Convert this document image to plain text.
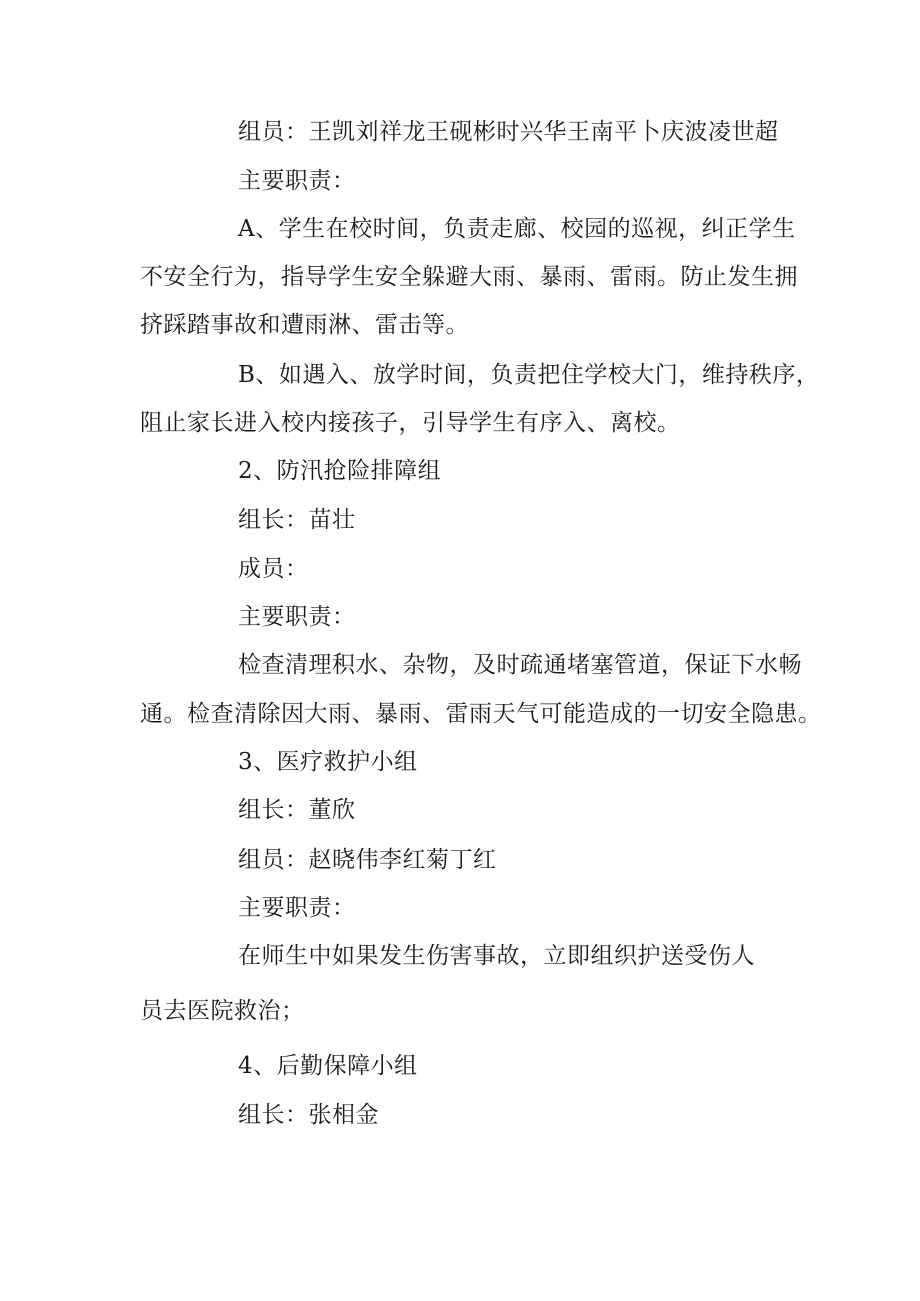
组员：王凯刘祥龙王砚彬时兴华王南平卜庆波凌世超
主要职责：
A、学生在校时间，负责走廊、校园的巡视，纠正学生
不安全行为，指导学生安全躲避大雨、暴雨、雷雨。防止发生拥
挤踩踏事故和遭雨淋、雷击等。
B、如遇入、放学时间，负责把住学校大门，维持秩序，
阻止家长进入校内接孩子，引导学生有序入、离校。
2、防汛抢险排障组
组长：苗壮
成员：
主要职责：
检查清理积水、杂物，及时疏通堵塞管道，保证下水畅
通。检查清除因大雨、暴雨、雷雨天气可能造成的一切安全隐患。
3、医疗救护小组
组长：董欣
组员：赵晓伟李红菊丁红
主要职责：
在师生中如果发生伤害事故，立即组织护送受伤人
员去医院救治；
4、后勤保障小组
组长：张相金
